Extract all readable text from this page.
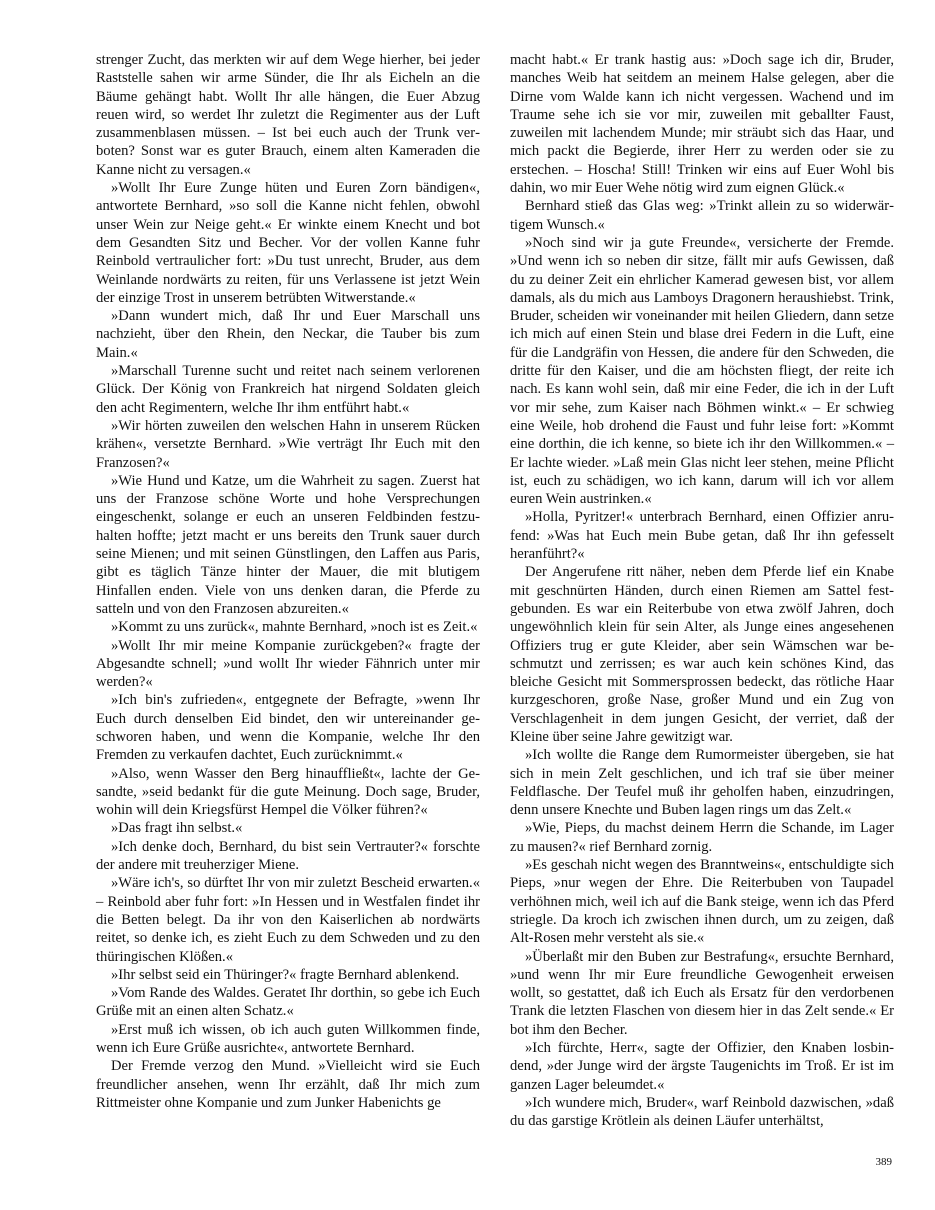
strenger Zucht, das merkten wir auf dem Wege hierher, bei jeder Raststelle sahen wir arme Sünder, die Ihr als Eicheln an die Bäume gehängt habt. Wollt Ihr alle hängen, die Euer Abzug reuen wird, so werdet Ihr zuletzt die Regimenter aus der Luft zusammenblasen müssen. – Ist bei euch auch der Trunk verboten? Sonst war es guter Brauch, einem alten Kameraden die Kanne nicht zu versagen.«

»Wollt Ihr Eure Zunge hüten und Euren Zorn bändigen«, antwortete Bernhard, »so soll die Kanne nicht fehlen, obwohl unser Wein zur Neige geht.« Er winkte einem Knecht und bot dem Gesandten Sitz und Becher. Vor der vollen Kanne fuhr Reinbold vertraulicher fort: »Du tust unrecht, Bruder, aus dem Weinlande nordwärts zu reiten, für uns Verlassene ist jetzt Wein der einzige Trost in unserem betrübten Witwerstande.«

»Dann wundert mich, daß Ihr und Euer Marschall uns nachzieht, über den Rhein, den Neckar, die Tauber bis zum Main.«

»Marschall Turenne sucht und reitet nach seinem verlorenen Glück. Der König von Frankreich hat nirgend Soldaten gleich den acht Regimentern, welche Ihr ihm entführt habt.«

»Wir hörten zuweilen den welschen Hahn in unserem Rücken krähen«, versetzte Bernhard. »Wie verträgt Ihr Euch mit den Franzosen?«

»Wie Hund und Katze, um die Wahrheit zu sagen. Zuerst hat uns der Franzose schöne Worte und hohe Versprechungen eingeschenkt, solange er euch an unseren Feldbinden festzuhalten hoffte; jetzt macht er uns bereits den Trunk sauer durch seine Mienen; und mit seinen Günstlingen, den Laffen aus Paris, gibt es täglich Tänze hinter der Mauer, die mit blutigem Hinfallen enden. Viele von uns denken daran, die Pferde zu satteln und von den Franzosen abzureiten.«

»Kommt zu uns zurück«, mahnte Bernhard, »noch ist es Zeit.«

»Wollt Ihr mir meine Kompanie zurückgeben?« fragte der Abgesandte schnell; »und wollt Ihr wieder Fähnrich unter mir werden?«

»Ich bin's zufrieden«, entgegnete der Befragte, »wenn Ihr Euch durch denselben Eid bindet, den wir untereinander geschworen haben, und wenn die Kompanie, welche Ihr den Fremden zu verkaufen dachtet, Euch zurücknimmt.«

»Also, wenn Wasser den Berg hinauffließt«, lachte der Gesandte, »seid bedankt für die gute Meinung. Doch sage, Bruder, wohin will dein Kriegsfürst Hempel die Völker führen?«

»Das fragt ihn selbst.«

»Ich denke doch, Bernhard, du bist sein Vertrauter?« forschte der andere mit treuherziger Miene.

»Wäre ich's, so dürftet Ihr von mir zuletzt Bescheid erwarten.« – Reinbold aber fuhr fort: »In Hessen und in Westfalen findet ihr die Betten belegt. Da ihr von den Kaiserlichen ab nordwärts reitet, so denke ich, es zieht Euch zu dem Schweden und zu den thüringischen Klößen.«

»Ihr selbst seid ein Thüringer?« fragte Bernhard ablenkend.

»Vom Rande des Waldes. Geratet Ihr dorthin, so gebe ich Euch Grüße mit an einen alten Schatz.«

»Erst muß ich wissen, ob ich auch guten Willkommen finde, wenn ich Eure Grüße ausrichte«, antwortete Bernhard.

Der Fremde verzog den Mund. »Vielleicht wird sie Euch freundlicher ansehen, wenn Ihr erzählt, daß Ihr mich zum Rittmeister ohne Kompanie und zum Junker Habenichts ge

macht habt.« Er trank hastig aus: »Doch sage ich dir, Bruder, manches Weib hat seitdem an meinem Halse gelegen, aber die Dirne vom Walde kann ich nicht vergessen. Wachend und im Traume sehe ich sie vor mir, zuweilen mit geballter Faust, zuweilen mit lachendem Munde; mir sträubt sich das Haar, und mich packt die Begierde, ihrer Herr zu werden oder sie zu erstechen. – Hoscha! Still! Trinken wir eins auf Euer Wohl bis dahin, wo mir Euer Wehe nötig wird zum eignen Glück.«

Bernhard stieß das Glas weg: »Trinkt allein zu so widerwärtigem Wunsch.«

»Noch sind wir ja gute Freunde«, versicherte der Fremde. »Und wenn ich so neben dir sitze, fällt mir aufs Gewissen, daß du zu deiner Zeit ein ehrlicher Kamerad gewesen bist, vor allem damals, als du mich aus Lamboys Dragonern heraushiebst. Trink, Bruder, scheiden wir voneinander mit heilen Gliedern, dann setze ich mich auf einen Stein und blase drei Federn in die Luft, eine für die Landgräfin von Hessen, die andere für den Schweden, die dritte für den Kaiser, und die am höchsten fliegt, der reite ich nach. Es kann wohl sein, daß mir eine Feder, die ich in der Luft vor mir sehe, zum Kaiser nach Böhmen winkt.« – Er schwieg eine Weile, hob drohend die Faust und fuhr leise fort: »Kommt eine dorthin, die ich kenne, so biete ich ihr den Willkommen.« – Er lachte wieder. »Laß mein Glas nicht leer stehen, meine Pflicht ist, euch zu schädigen, wo ich kann, darum will ich vor allem euren Wein austrinken.«

»Holla, Pyritzer!« unterbrach Bernhard, einen Offizier anrufend: »Was hat Euch mein Bube getan, daß Ihr ihn gefesselt heranführt?«

Der Angerufene ritt näher, neben dem Pferde lief ein Knabe mit geschnürten Händen, durch einen Riemen am Sattel festgebunden. Es war ein Reiterbube von etwa zwölf Jahren, doch ungewöhnlich klein für sein Alter, als Junge eines angesehenen Offiziers trug er gute Kleider, aber sein Wämschen war beschmutzt und zerrissen; es war auch kein schönes Kind, das bleiche Gesicht mit Sommersprossen bedeckt, das rötliche Haar kurzgeschoren, große Nase, großer Mund und ein Zug von Verschlagenheit in dem jungen Gesicht, der verriet, daß der Kleine über seine Jahre gewitzigt war.

»Ich wollte die Range dem Rumormeister übergeben, sie hat sich in mein Zelt geschlichen, und ich traf sie über meiner Feldflasche. Der Teufel muß ihr geholfen haben, einzudringen, denn unsere Knechte und Buben lagen rings um das Zelt.«

»Wie, Pieps, du machst deinem Herrn die Schande, im Lager zu mausen?« rief Bernhard zornig.

»Es geschah nicht wegen des Branntweins«, entschuldigte sich Pieps, »nur wegen der Ehre. Die Reiterbuben von Taupadel verhöhnen mich, weil ich auf die Bank steige, wenn ich das Pferd striegle. Da kroch ich zwischen ihnen durch, um zu zeigen, daß Alt-Rosen mehr versteht als sie.«

»Überlaßt mir den Buben zur Bestrafung«, ersuchte Bernhard, »und wenn Ihr mir Eure freundliche Gewogenheit erweisen wollt, so gestattet, daß ich Euch als Ersatz für den verdorbenen Trank die letzten Flaschen von diesem hier in das Zelt sende.« Er bot ihm den Becher.

»Ich fürchte, Herr«, sagte der Offizier, den Knaben losbindend, »der Junge wird der ärgste Taugenichts im Troß. Er ist im ganzen Lager beleumdet.«

»Ich wundere mich, Bruder«, warf Reinbold dazwischen, »daß du das garstige Krötlein als deinen Läufer unterhältst,

389
